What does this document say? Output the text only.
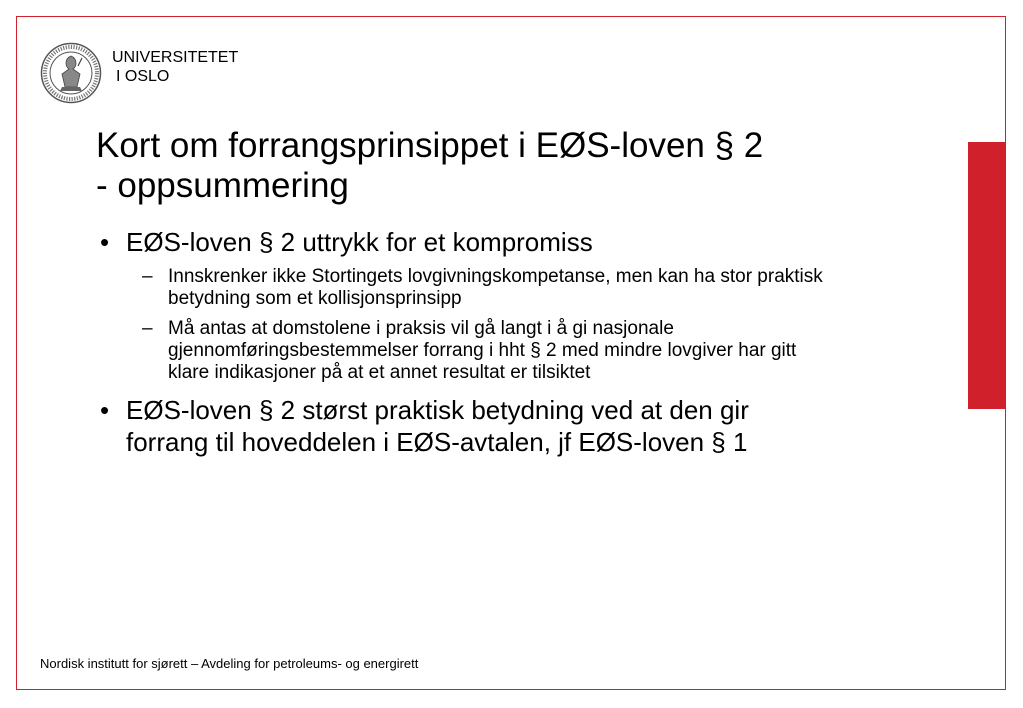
UNIVERSITETET
I OSLO
Kort om forrangsprinsippet i EØS-loven § 2 - oppsummering
• EØS-loven § 2 uttrykk for et kompromiss
– Innskrenker ikke Stortingets lovgivningskompetanse, men kan ha stor praktisk betydning som et kollisjonsprinsipp
– Må antas at domstolene i praksis vil gå langt i å gi nasjonale gjennomføringsbestemmelser forrang i hht § 2 med mindre lovgiver har gitt klare indikasjoner på at et annet resultat er tilsiktet
• EØS-loven § 2 størst praktisk betydning ved at den gir forrang til hoveddelen i EØS-avtalen, jf EØS-loven § 1
Nordisk institutt for sjørett – Avdeling for petroleums- og energirett
